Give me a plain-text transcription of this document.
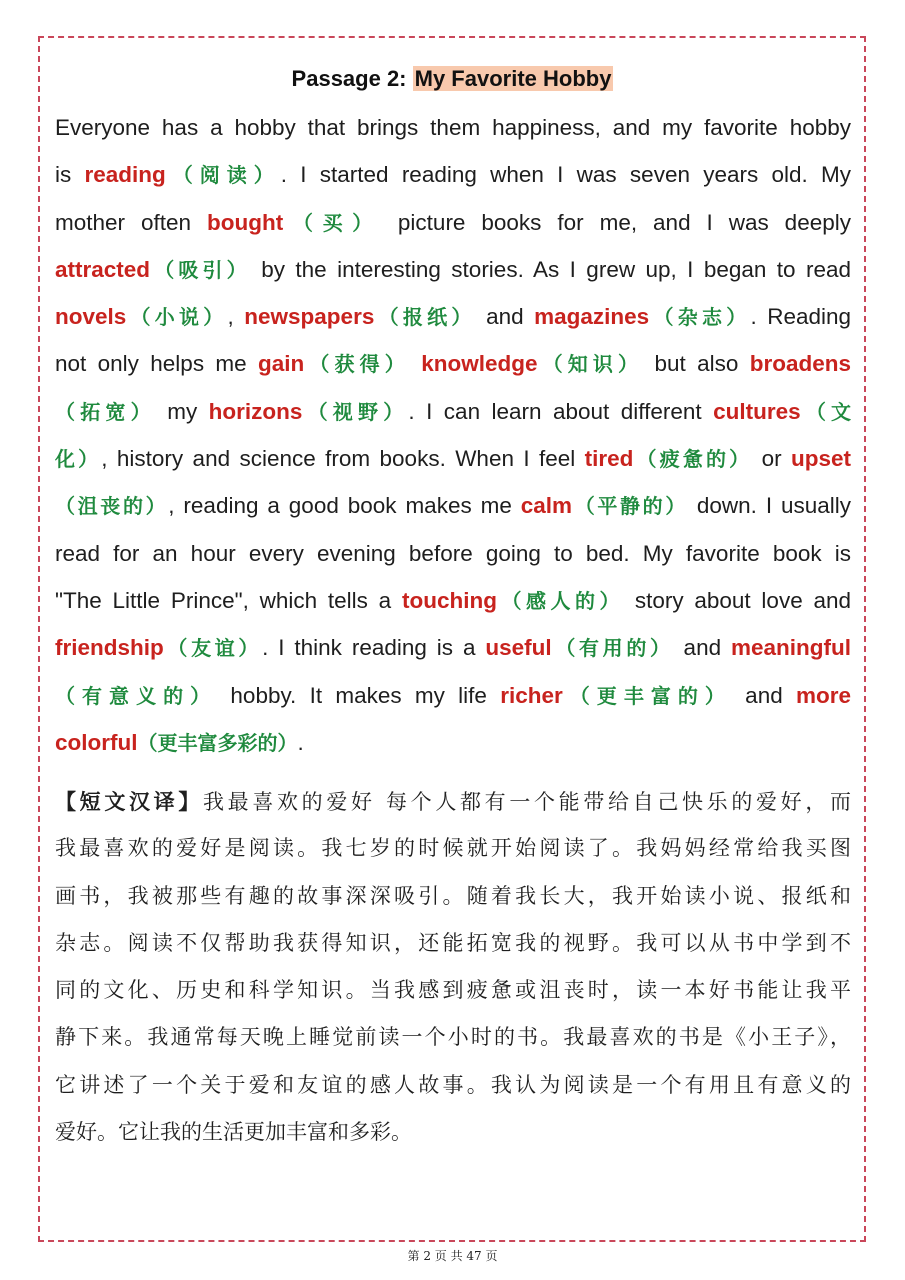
Passage 2: My Favorite Hobby
Everyone has a hobby that brings them happiness, and my favorite hobby
is reading（阅读）. I started reading when I was seven years old. My
mother often bought（买） picture books for me, and I was deeply
attracted（吸引） by the interesting stories. As I grew up, I began to read
novels（小说）, newspapers（报纸） and magazines（杂志）. Reading
not only helps me gain（获得） knowledge（知识） but also broadens
（拓宽） my horizons（视野）. I can learn about different cultures（文
化）, history and science from books. When I feel tired（疲惫的） or upset
（沮丧的）, reading a good book makes me calm（平静的） down. I usually
read for an hour every evening before going to bed. My favorite book is
"The Little Prince", which tells a touching（感人的） story about love and
friendship（友谊）. I think reading is a useful（有用的） and meaningful
（有意义的） hobby. It makes my life richer（更丰富的） and more
colorful（更丰富多彩的）.
【短文汉译】我最喜欢的爱好 每个人都有一个能带给自己快乐的爱好，而
我最喜欢的爱好是阅读。我七岁的时候就开始阅读了。我妈妈经常给我买图
画书，我被那些有趣的故事深深吸引。随着我长大，我开始读小说、报纸和
杂志。阅读不仅帮助我获得知识，还能拓宽我的视野。我可以从书中学到不
同的文化、历史和科学知识。当我感到疲惫或沮丧时，读一本好书能让我平
静下来。我通常每天晚上睡觉前读一个小时的书。我最喜欢的书是《小王子》，
它讲述了一个关于爱和友谊的感人故事。我认为阅读是一个有用且有意义的
爱好。它让我的生活更加丰富和多彩。
第 2 页 共 47 页
